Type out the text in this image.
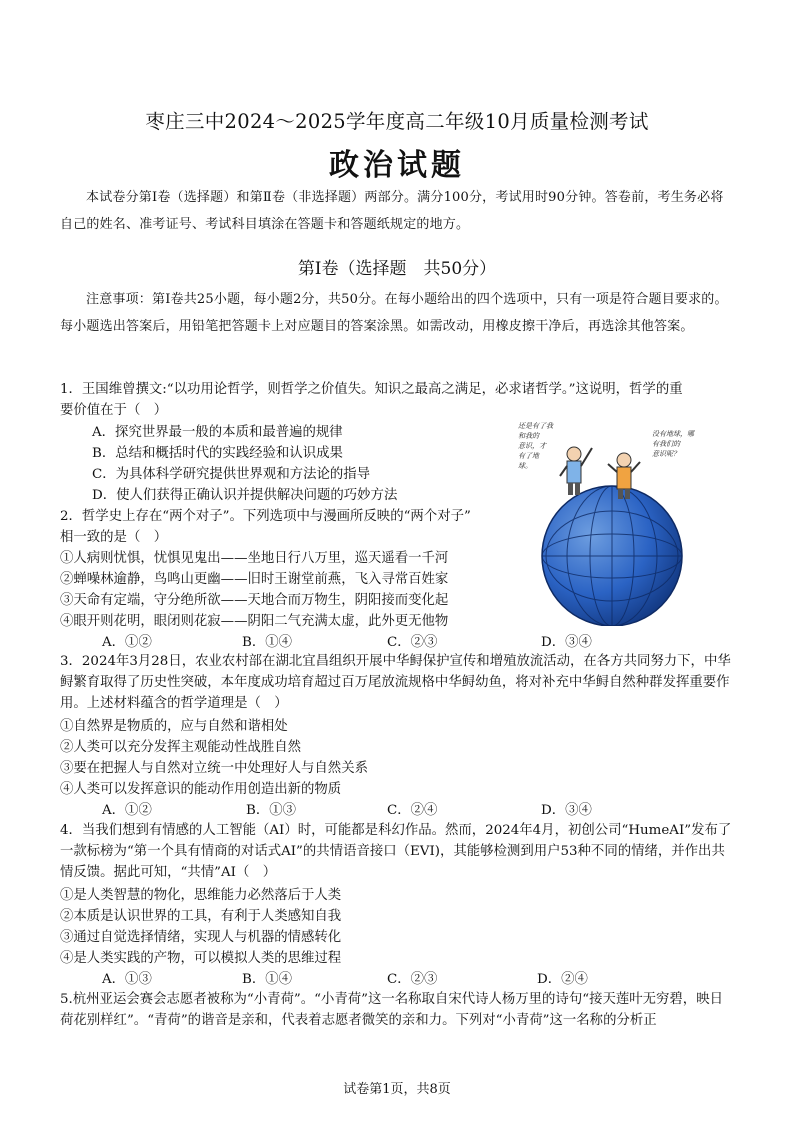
枣庄三中2024～2025学年度高二年级10月质量检测考试
政治试题
本试卷分第Ⅰ卷（选择题）和第Ⅱ卷（非选择题）两部分。满分100分，考试用时90分钟。答卷前，考生务必将自己的姓名、准考证号、考试科目填涂在答题卡和答题纸规定的地方。
第Ⅰ卷（选择题　共50分）
注意事项：第Ⅰ卷共25小题，每小题2分，共50分。在每小题给出的四个选项中，只有一项是符合题目要求的。每小题选出答案后，用铅笔把答题卡上对应题目的答案涂黑。如需改动，用橡皮擦干净后，再选涂其他答案。
1．王国维曾撰文:“以功用论哲学，则哲学之价值失。知识之最高之满足，必求诸哲学。”这说明，哲学的重
要价值在于（　）
A．探究世界最一般的本质和最普遍的规律
B．总结和概括时代的实践经验和认识成果
C．为具体科学研究提供世界观和方法论的指导
D．使人们获得正确认识并提供解决问题的巧妙方法
2．哲学史上存在“两个对子”。下列选项中与漫画所反映的“两个对子”
相一致的是（　）
①人病则忧惧，忧惧见鬼出——坐地日行八万里，巡天遥看一千河
②蝉噪林逾静，鸟鸣山更幽——旧时王谢堂前燕，飞入寻常百姓家
③天命有定端，守分绝所欲——天地合而万物生，阴阳接而变化起
④眼开则花明，眼闭则花寂——阴阳二气充满太虚，此外更无他物
A．①②	B．①④	C．②③	D．③④
还是有了我
和我的
意识，才
有了地
球。
没有地球，哪
有我们的
意识呢？
3．2024年3月28日，农业农村部在湖北宜昌组织开展中华鲟保护宣传和增殖放流活动，在各方共同努力下，中华鲟繁育取得了历史性突破，本年度成功培育超过百万尾放流规格中华鲟幼鱼，将对补充中华鲟自然种群发挥重要作用。上述材料蕴含的哲学道理是（　）
①自然界是物质的，应与自然和谐相处
②人类可以充分发挥主观能动性战胜自然
③要在把握人与自然对立统一中处理好人与自然关系
④人类可以发挥意识的能动作用创造出新的物质
A．①②	B．①③	C．②④	D．③④
4．当我们想到有情感的人工智能（AI）时，可能都是科幻作品。然而，2024年4月，初创公司“HumeAI”发布了一款标榜为“第一个具有情商的对话式AI”的共情语音接口（EVI)，其能够检测到用户53种不同的情绪，并作出共情反馈。据此可知，“共情”AI（　）
①是人类智慧的物化，思维能力必然落后于人类
②本质是认识世界的工具，有利于人类感知自我
③通过自觉选择情绪，实现人与机器的情感转化
④是人类实践的产物，可以模拟人类的思维过程
A．①③	B．①④	C．②③	D．②④
5.杭州亚运会赛会志愿者被称为“小青荷”。“小青荷”这一名称取自宋代诗人杨万里的诗句“接天莲叶无穷碧，映日荷花别样红”。“青荷”的谐音是亲和，代表着志愿者微笑的亲和力。下列对“小青荷”这一名称的分析正
试卷第1页，共8页
